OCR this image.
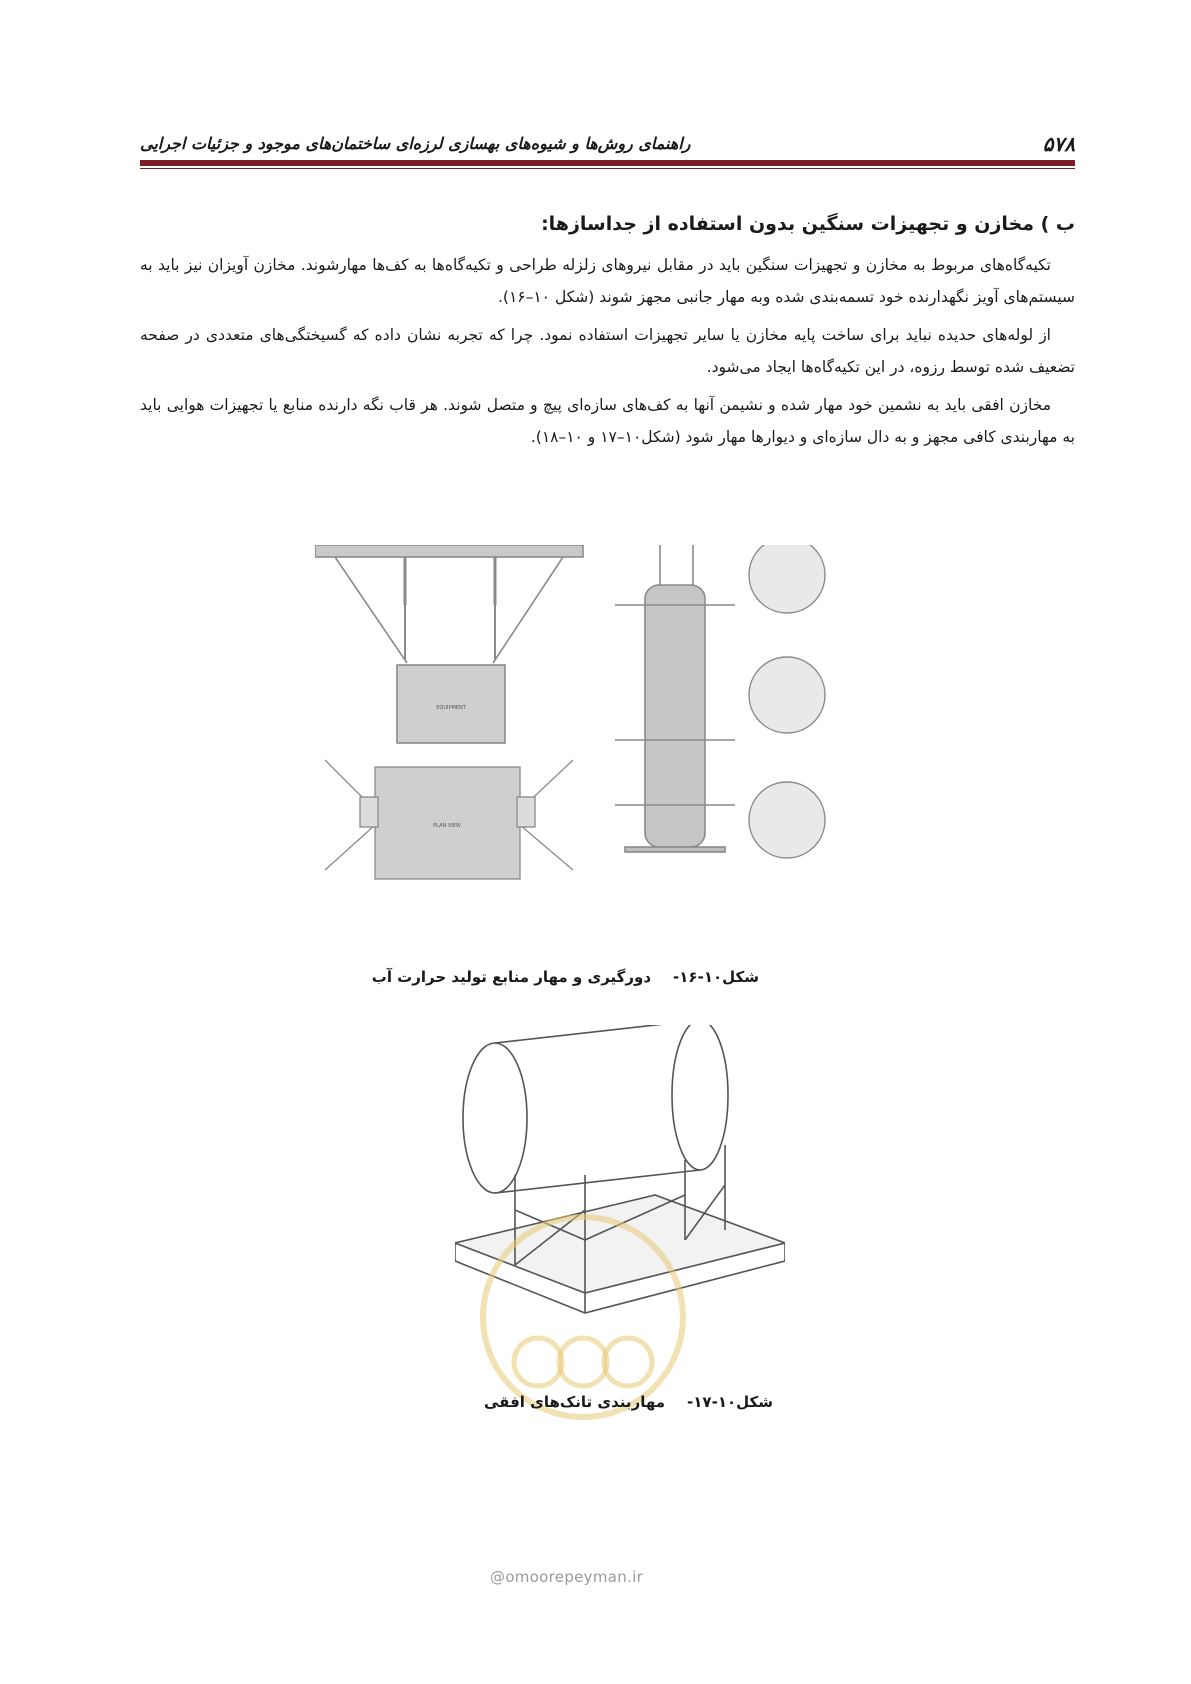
۵۷۸
راهنمای روش‌ها و شیوه‌های بهسازی لرزه‌ای ساختمان‌های موجود و جزئیات اجرایی
ب ) مخازن و تجهیزات سنگین بدون استفاده از جداسازها:

تکیه‌گاه‌های مربوط به مخازن و تجهیزات سنگین باید در مقابل نیروهای زلزله طراحی و تکیه‌گاه‌ها به کف‌ها مهارشوند. مخازن آویزان نیز باید به سیستم‌های آویز نگهدارنده خود تسمه‌بندی شده وبه مهار جانبی مجهز شوند (شکل ۱۰–۱۶).

از لوله‌های حدیده نباید برای ساخت پایه مخازن یا سایر تجهیزات استفاده نمود. چرا که تجربه نشان داده که گسیختگی‌های متعددی در صفحه تضعیف شده توسط رزوه، در این تکیه‌گاه‌ها ایجاد می‌شود.

مخازن افقی باید به نشمین خود مهار شده و نشیمن آنها به کف‌های سازه‌ای پیچ و متصل شوند. هر قاب نگه دارنده منابع یا تجهیزات هوایی باید به مهاربندی کافی مجهز و به دال سازه‌ای و دیوارها مهار شود (شکل۱۰–۱۷ و ۱۰–۱۸).

EQUIPMENT
PLAN VIEW
شکل۱۰-۱۶-دورگیری و مهار منابع تولید حرارت آب
شکل۱۰-۱۷-مهاربندی تانک‌های افقی
@omoorepeyman.ir
